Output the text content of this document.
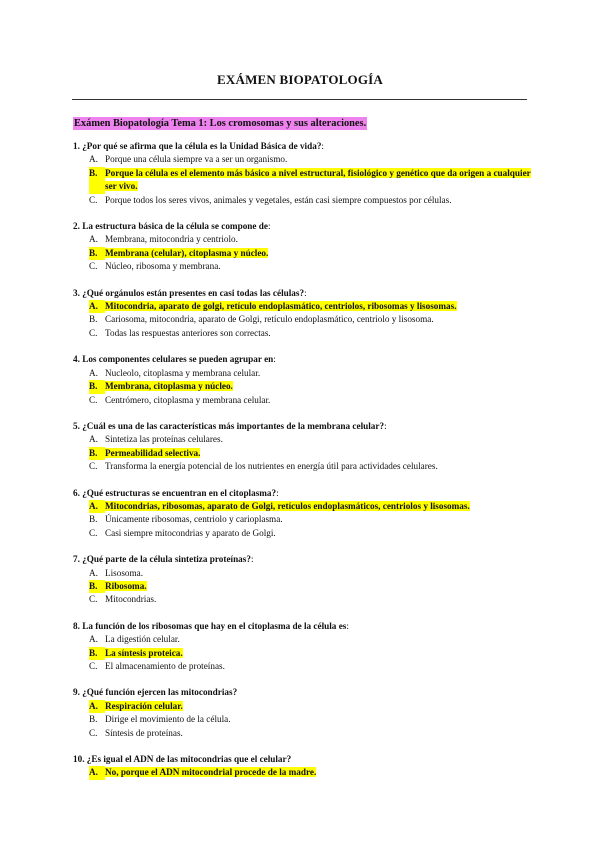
EXÁMEN BIOPATOLOGÍA
Exámen Biopatología Tema 1: Los cromosomas y sus alteraciones.
1. ¿Por qué se afirma que la célula es la Unidad Básica de vida?:
A. Porque una célula siempre va a ser un organismo.
B. Porque la célula es el elemento más básico a nivel estructural, fisiológico y genético que da origen a cualquier ser vivo.
C. Porque todos los seres vivos, animales y vegetales, están casi siempre compuestos por células.
2. La estructura básica de la célula se compone de:
A. Membrana, mitocondria y centriolo.
B. Membrana (celular), citoplasma y núcleo.
C. Núcleo, ribosoma y membrana.
3. ¿Qué orgánulos están presentes en casi todas las células?:
A. Mitocondria, aparato de golgi, retículo endoplasmático, centriolos, ribosomas y lisosomas.
B. Cariosoma, mitocondria, aparato de Golgi, retículo endoplasmático, centriolo y lisosoma.
C. Todas las respuestas anteriores son correctas.
4. Los componentes celulares se pueden agrupar en:
A. Nucleolo, citoplasma y membrana celular.
B. Membrana, citoplasma y núcleo.
C. Centrómero, citoplasma y membrana celular.
5. ¿Cuál es una de las características más importantes de la membrana celular?:
A. Sintetiza las proteínas celulares.
B. Permeabilidad selectiva.
C. Transforma la energía potencial de los nutrientes en energía útil para actividades celulares.
6. ¿Qué estructuras se encuentran en el citoplasma?:
A. Mitocondrias, ribosomas, aparato de Golgi, retículos endoplasmáticos, centriolos y lisosomas.
B. Únicamente ribosomas, centriolo y carioplasma.
C. Casi siempre mitocondrias y aparato de Golgi.
7. ¿Qué parte de la célula sintetiza proteínas?:
A. Lisosoma.
B. Ribosoma.
C. Mitocondrias.
8. La función de los ribosomas que hay en el citoplasma de la célula es:
A. La digestión celular.
B. La síntesis proteica.
C. El almacenamiento de proteínas.
9. ¿Qué función ejercen las mitocondrias?
A. Respiración celular.
B. Dirige el movimiento de la célula.
C. Síntesis de proteínas.
10. ¿Es igual el ADN de las mitocondrias que el celular?
A. No, porque el ADN mitocondrial procede de la madre.
